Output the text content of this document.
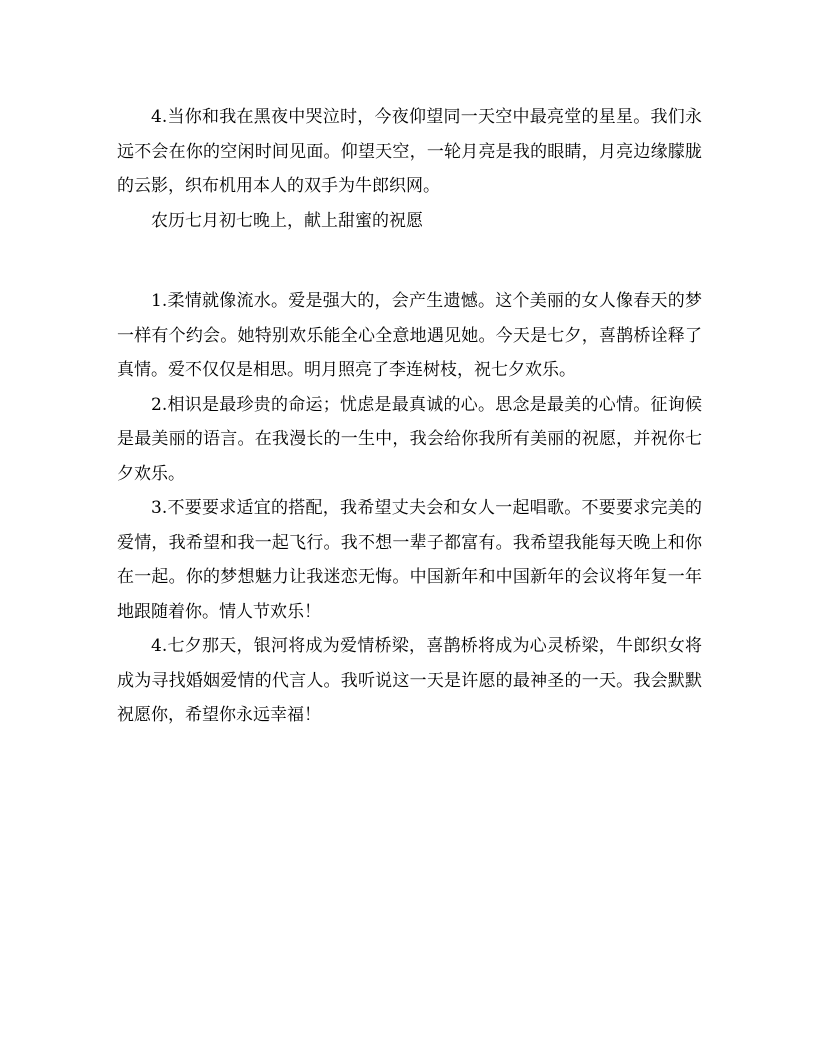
4.当你和我在黑夜中哭泣时，今夜仰望同一天空中最亮堂的星星。我们永远不会在你的空闲时间见面。仰望天空，一轮月亮是我的眼睛，月亮边缘朦胧的云影，织布机用本人的双手为牛郎织网。

农历七月初七晚上，献上甜蜜的祝愿

1.柔情就像流水。爱是强大的，会产生遗憾。这个美丽的女人像春天的梦一样有个约会。她特别欢乐能全心全意地遇见她。今天是七夕，喜鹊桥诠释了真情。爱不仅仅是相思。明月照亮了李连树枝，祝七夕欢乐。

2.相识是最珍贵的命运；忧虑是最真诚的心。思念是最美的心情。征询候是最美丽的语言。在我漫长的一生中，我会给你我所有美丽的祝愿，并祝你七夕欢乐。

3.不要要求适宜的搭配，我希望丈夫会和女人一起唱歌。不要要求完美的爱情，我希望和我一起飞行。我不想一辈子都富有。我希望我能每天晚上和你在一起。你的梦想魅力让我迷恋无悔。中国新年和中国新年的会议将年复一年地跟随着你。情人节欢乐！

4.七夕那天，银河将成为爱情桥梁，喜鹊桥将成为心灵桥梁，牛郎织女将成为寻找婚姻爱情的代言人。我听说这一天是许愿的最神圣的一天。我会默默祝愿你，希望你永远幸福！
